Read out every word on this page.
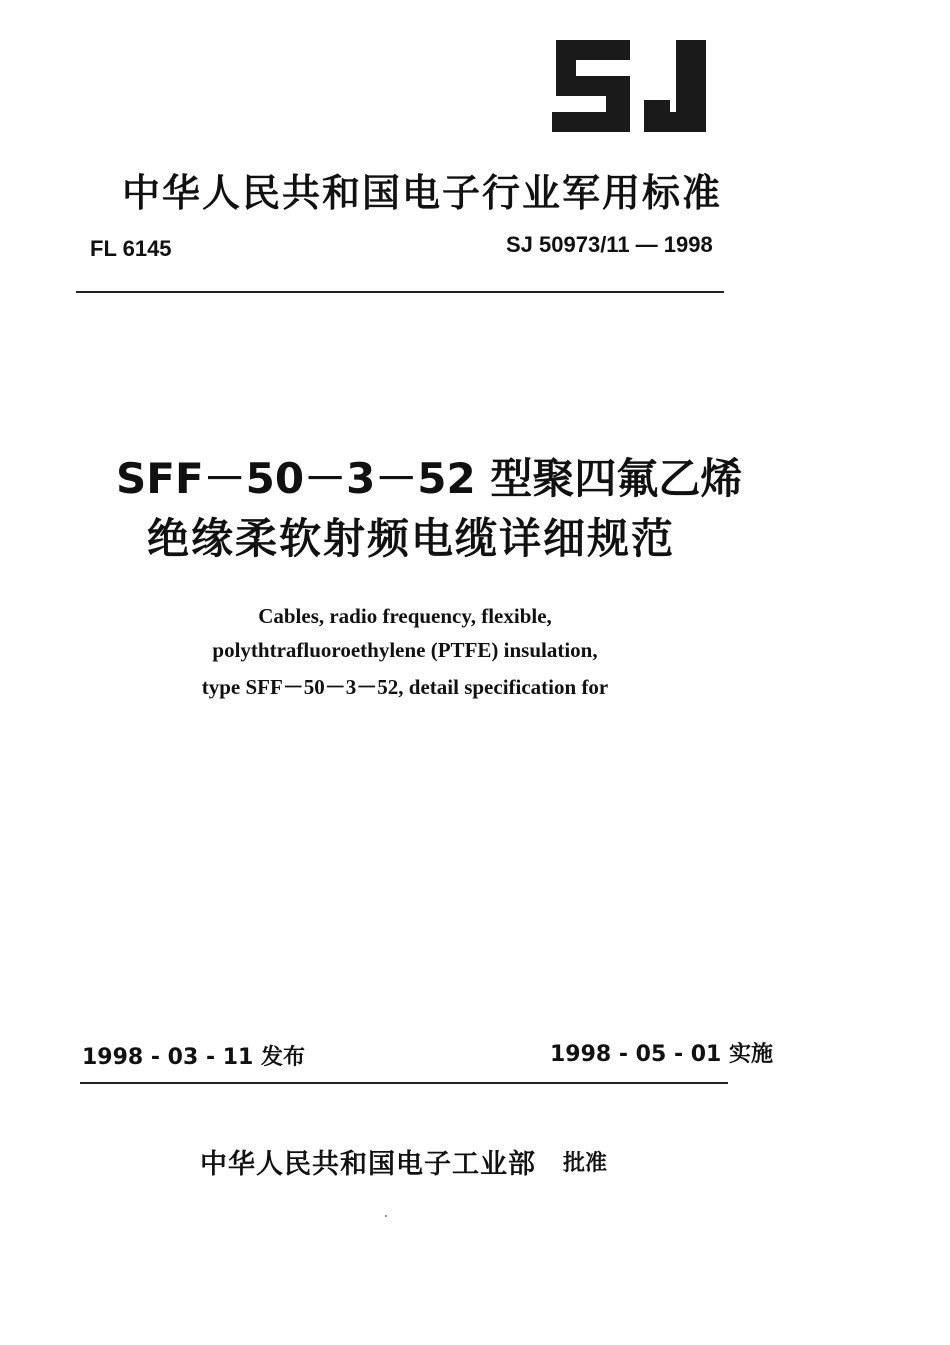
中华人民共和国电子行业军用标准
FL 6145	SJ 50973/11 — 1998
SFF－50－3－52 型聚四氟乙烯
绝缘柔软射频电缆详细规范
Cables, radio frequency, flexible,
polythtrafluoroethylene (PTFE) insulation,
type SFF－50－3－52, detail specification for
1998 - 03 - 11 发布	1998 - 05 - 01 实施
中华人民共和国电子工业部 批准
